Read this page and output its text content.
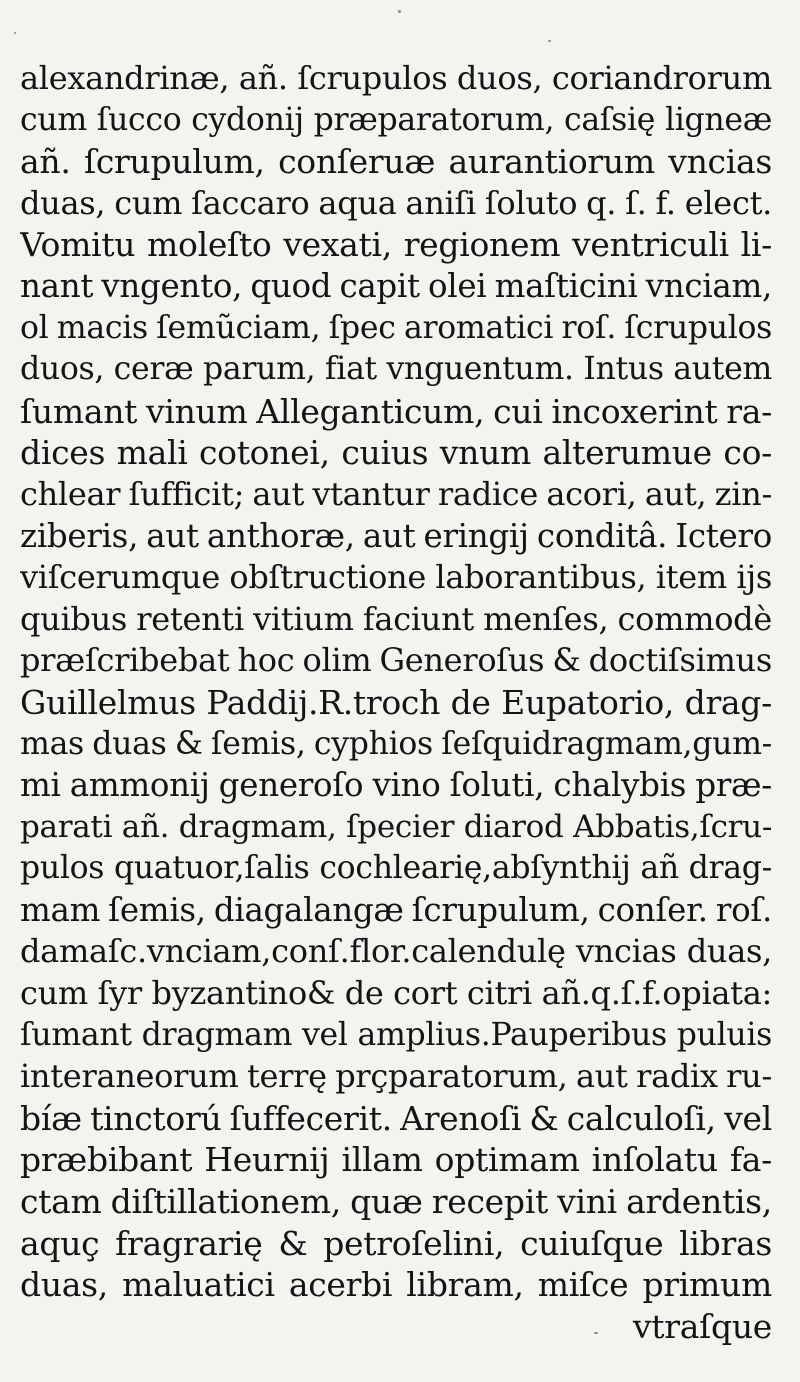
alexandrinæ, añ. ſcrupulos duos, coriandrorum
cum ſucco cydonij præparatorum, caſsię ligneæ
añ. ſcrupulum, conſeruæ aurantiorum vncias
duas, cum ſaccaro aqua aniſi ſoluto q. ſ. f. elect.
Vomitu moleſto vexati, regionem ventriculi li-
nant vngento, quod capit olei maſticini vnciam,
ol macis ſemũciam, ſpec aromatici roſ. ſcrupulos
duos, ceræ parum, fiat vnguentum. Intus autem
ſumant vinum Alleganticum, cui incoxerint ra-
dices mali cotonei, cuius vnum alterumue co-
chlear ſufficit; aut vtantur radice acori, aut, zin-
ziberis, aut anthoræ, aut eringij conditâ. Ictero
viſcerumque obſtructione laborantibus, item ijs
quibus retenti vitium faciunt menſes, commodè
præſcribebat hoc olim Generoſus & doctiſsimus
Guillelmus Paddij.R.troch de Eupatorio, drag-
mas duas & ſemis, cyphios ſeſquidragmam,gum-
mi ammonij generoſo vino ſoluti, chalybis præ-
parati añ. dragmam, ſpecier diarod Abbatis,ſcru-
pulos quatuor,ſalis cochlearię,abſynthij añ drag-
mam ſemis, diagalangæ ſcrupulum, conſer. roſ.
damaſc.vnciam,conſ.flor.calendulę vncias duas,
cum ſyr byzantino& de cort citri añ.q.ſ.f.opiata:
ſumant dragmam vel amplius.Pauperibus puluis
interaneorum terrę prçparatorum, aut radix ru-
bíæ tinctorú ſuffecerit. Arenoſi & calculoſi, vel
præbibant Heurnij illam optimam inſolatu fa-
ctam diſtillationem, quæ recepit vini ardentis,
aquç fragrarię & petroſelini, cuiuſque libras
duas, maluatici acerbi libram, miſce primum
vtraſque
